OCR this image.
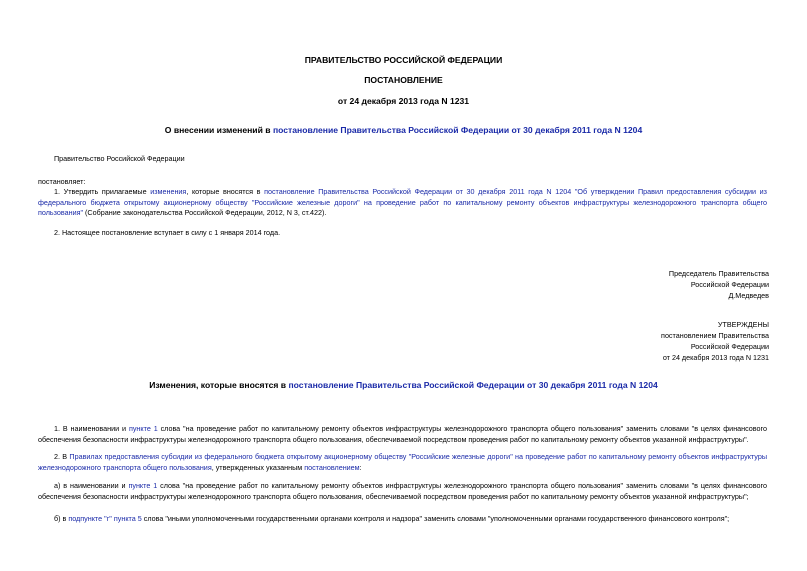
ПРАВИТЕЛЬСТВО РОССИЙСКОЙ ФЕДЕРАЦИИ
ПОСТАНОВЛЕНИЕ
от 24 декабря 2013 года N 1231
О внесении изменений в постановление Правительства Российской Федерации от 30 декабря 2011 года N 1204
Правительство Российской Федерации
постановляет:
1. Утвердить прилагаемые изменения, которые вносятся в постановление Правительства Российской Федерации от 30 декабря 2011 года N 1204 "Об утверждении Правил предоставления субсидии из федерального бюджета открытому акционерному обществу "Российские железные дороги" на проведение работ по капитальному ремонту объектов инфраструктуры железнодорожного транспорта общего пользования" (Собрание законодательства Российской Федерации, 2012, N 3, ст.422).
2. Настоящее постановление вступает в силу с 1 января 2014 года.
Председатель Правительства
Российской Федерации
Д.Медведев
УТВЕРЖДЕНЫ
постановлением Правительства
Российской Федерации
от 24 декабря 2013 года N 1231
Изменения, которые вносятся в постановление Правительства Российской Федерации от 30 декабря 2011 года N 1204
1. В наименовании и пункте 1 слова "на проведение работ по капитальному ремонту объектов инфраструктуры железнодорожного транспорта общего пользования" заменить словами "в целях финансового обеспечения безопасности инфраструктуры железнодорожного транспорта общего пользования, обеспечиваемой посредством проведения работ по капитальному ремонту объектов указанной инфраструктуры".
2. В Правилах предоставления субсидии из федерального бюджета открытому акционерному обществу "Российские железные дороги" на проведение работ по капитальному ремонту объектов инфраструктуры железнодорожного транспорта общего пользования, утвержденных указанным постановлением:
а) в наименовании и пункте 1 слова "на проведение работ по капитальному ремонту объектов инфраструктуры железнодорожного транспорта общего пользования" заменить словами "в целях финансового обеспечения безопасности инфраструктуры железнодорожного транспорта общего пользования, обеспечиваемой посредством проведения работ по капитальному ремонту объектов указанной инфраструктуры";
б) в подпункте "г" пункта 5 слова "иными уполномоченными государственными органами контроля и надзора" заменить словами "уполномоченными органами государственного финансового контроля";
